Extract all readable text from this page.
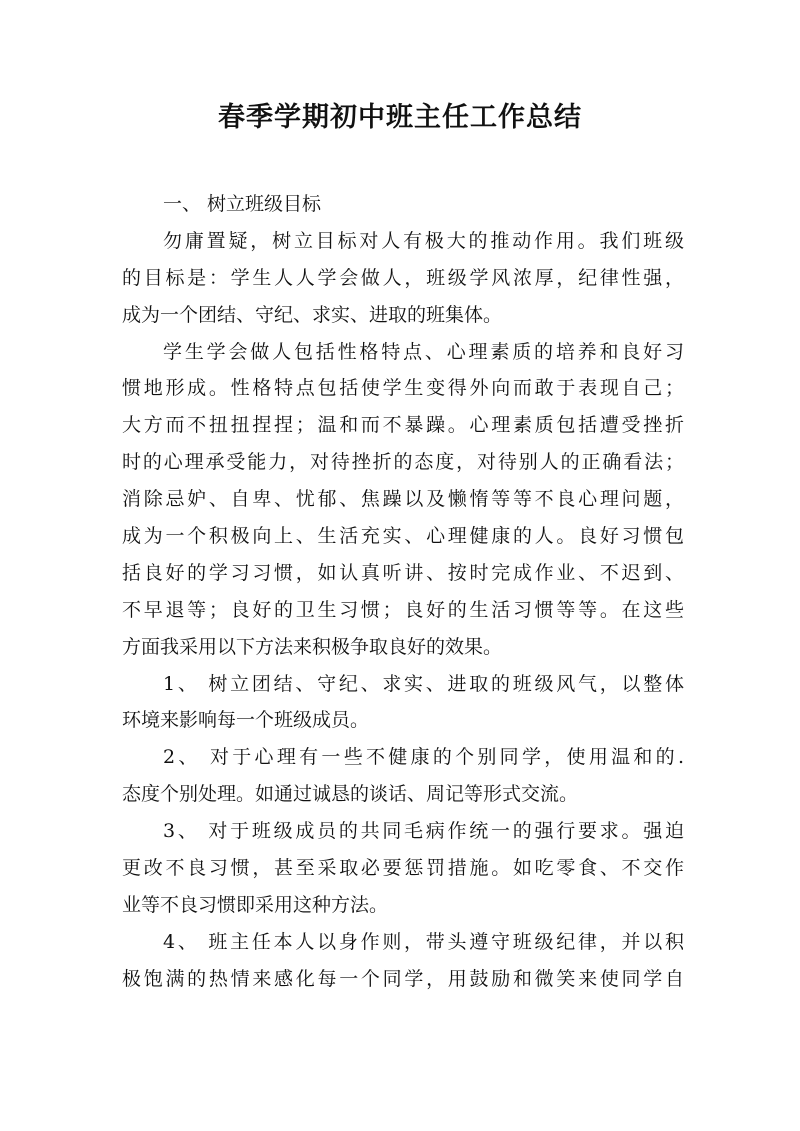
春季学期初中班主任工作总结
一、 树立班级目标
勿庸置疑，树立目标对人有极大的推动作用。我们班级
的目标是：学生人人学会做人，班级学风浓厚，纪律性强，
成为一个团结、守纪、求实、进取的班集体。
学生学会做人包括性格特点、心理素质的培养和良好习
惯地形成。性格特点包括使学生变得外向而敢于表现自己；
大方而不扭扭捏捏；温和而不暴躁。心理素质包括遭受挫折
时的心理承受能力，对待挫折的态度，对待别人的正确看法；
消除忌妒、自卑、忧郁、焦躁以及懒惰等等不良心理问题，
成为一个积极向上、生活充实、心理健康的人。良好习惯包
括良好的学习习惯，如认真听讲、按时完成作业、不迟到、
不早退等；良好的卫生习惯；良好的生活习惯等等。在这些
方面我采用以下方法来积极争取良好的效果。
1、 树立团结、守纪、求实、进取的班级风气，以整体
环境来影响每一个班级成员。
2、 对于心理有一些不健康的个别同学，使用温和的.
态度个别处理。如通过诚恳的谈话、周记等形式交流。
3、 对于班级成员的共同毛病作统一的强行要求。强迫
更改不良习惯，甚至采取必要惩罚措施。如吃零食、不交作
业等不良习惯即采用这种方法。
4、 班主任本人以身作则，带头遵守班级纪律，并以积
极饱满的热情来感化每一个同学，用鼓励和微笑来使同学自
